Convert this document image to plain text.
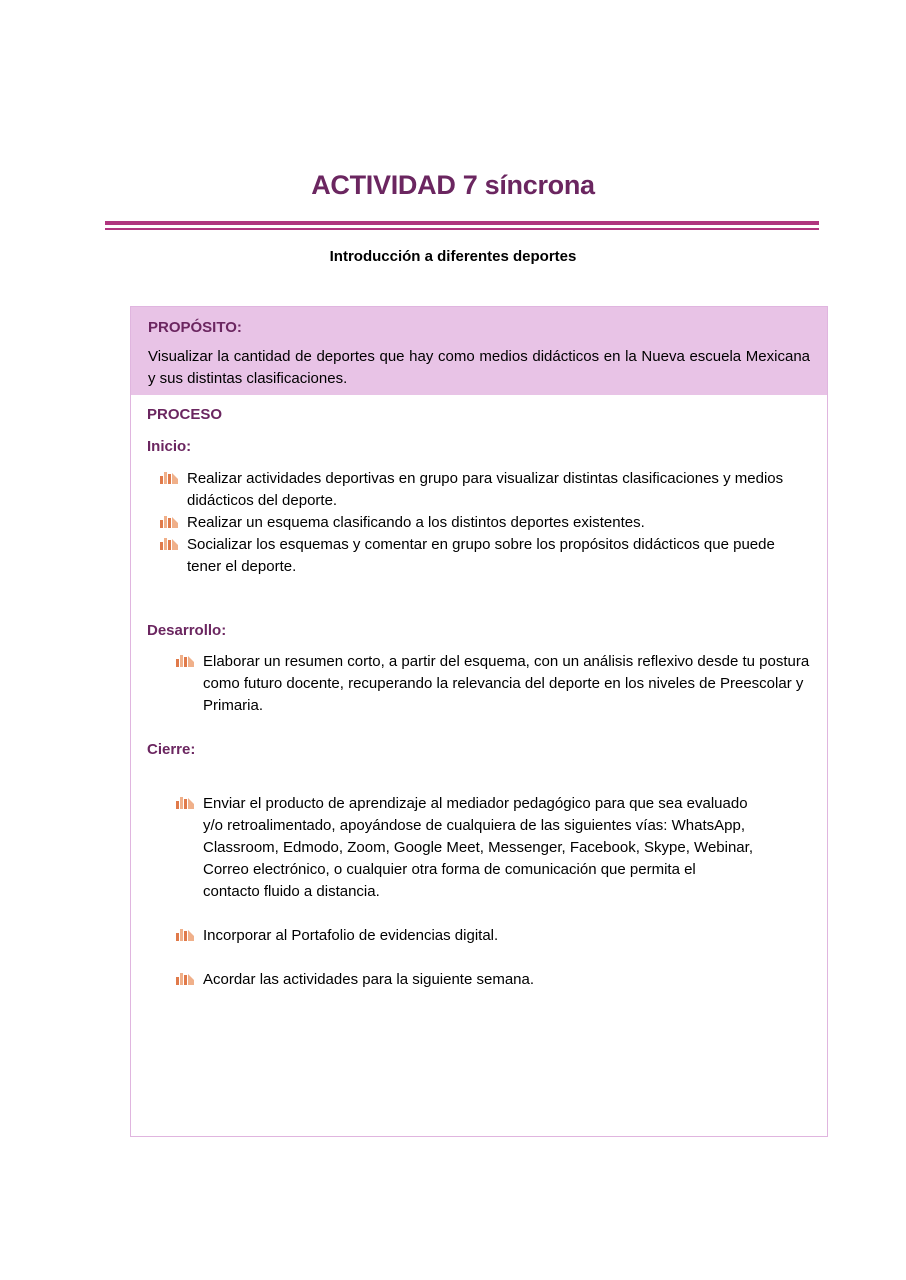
ACTIVIDAD 7 síncrona
Introducción a diferentes deportes

PROPÓSITO:

Visualizar la cantidad de deportes que hay como medios didácticos en la Nueva escuela Mexicana y sus distintas clasificaciones.

PROCESO
Inicio:
Realizar actividades deportivas en grupo para visualizar distintas clasificaciones y medios didácticos del deporte.
Realizar un esquema clasificando a los distintos deportes existentes.
Socializar los esquemas y comentar en grupo sobre los propósitos didácticos que puede tener el deporte.
Desarrollo:
Elaborar un resumen corto, a partir del esquema, con un análisis reflexivo desde tu postura como futuro docente, recuperando la relevancia del deporte en los niveles de Preescolar y Primaria.
Cierre:
Enviar el producto de aprendizaje al mediador pedagógico para que sea evaluado y/o retroalimentado, apoyándose de cualquiera de las siguientes vías: WhatsApp, Classroom, Edmodo, Zoom, Google Meet, Messenger, Facebook, Skype, Webinar, Correo electrónico, o cualquier otra forma de comunicación que permita el contacto fluido a distancia.
Incorporar al Portafolio de evidencias digital.
Acordar las actividades para la siguiente semana.
